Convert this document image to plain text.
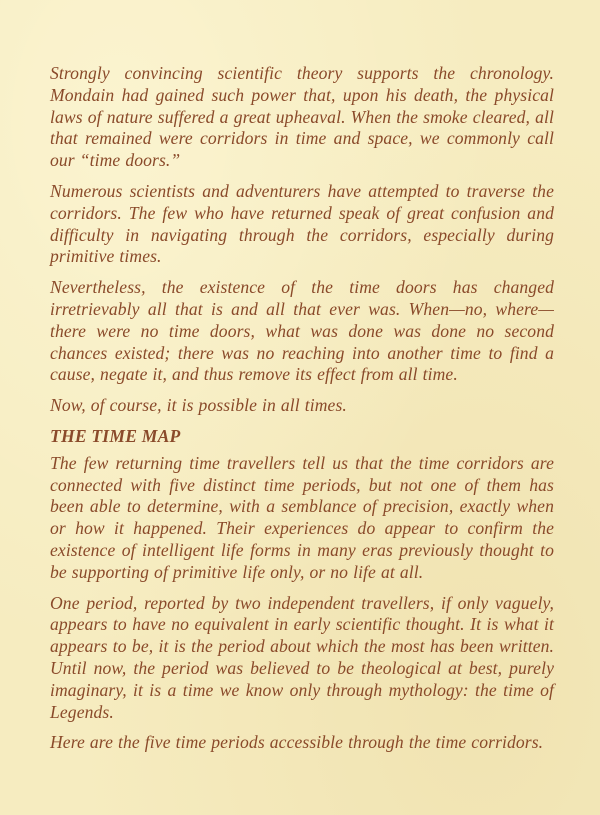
Strongly convincing scientific theory supports the chronology. Mondain had gained such power that, upon his death, the physical laws of nature suffered a great upheaval. When the smoke cleared, all that remained were corridors in time and space, we commonly call our “time doors.”

Numerous scientists and adventurers have attempted to traverse the corridors. The few who have returned speak of great confusion and difficulty in navigating through the corridors, especially during primitive times.

Nevertheless, the existence of the time doors has changed irretrievably all that is and all that ever was. When—no, where—there were no time doors, what was done was done no second chances existed; there was no reaching into another time to find a cause, negate it, and thus remove its effect from all time.

Now, of course, it is possible in all times.

THE TIME MAP

The few returning time travellers tell us that the time corridors are connected with five distinct time periods, but not one of them has been able to determine, with a semblance of precision, exactly when or how it happened. Their experiences do appear to confirm the existence of intelligent life forms in many eras previously thought to be supporting of primitive life only, or no life at all.

One period, reported by two independent travellers, if only vaguely, appears to have no equivalent in early scientific thought. It is what it appears to be, it is the period about which the most has been written. Until now, the period was believed to be theological at best, purely imaginary, it is a time we know only through mythology: the time of Legends.

Here are the five time periods accessible through the time corridors.
